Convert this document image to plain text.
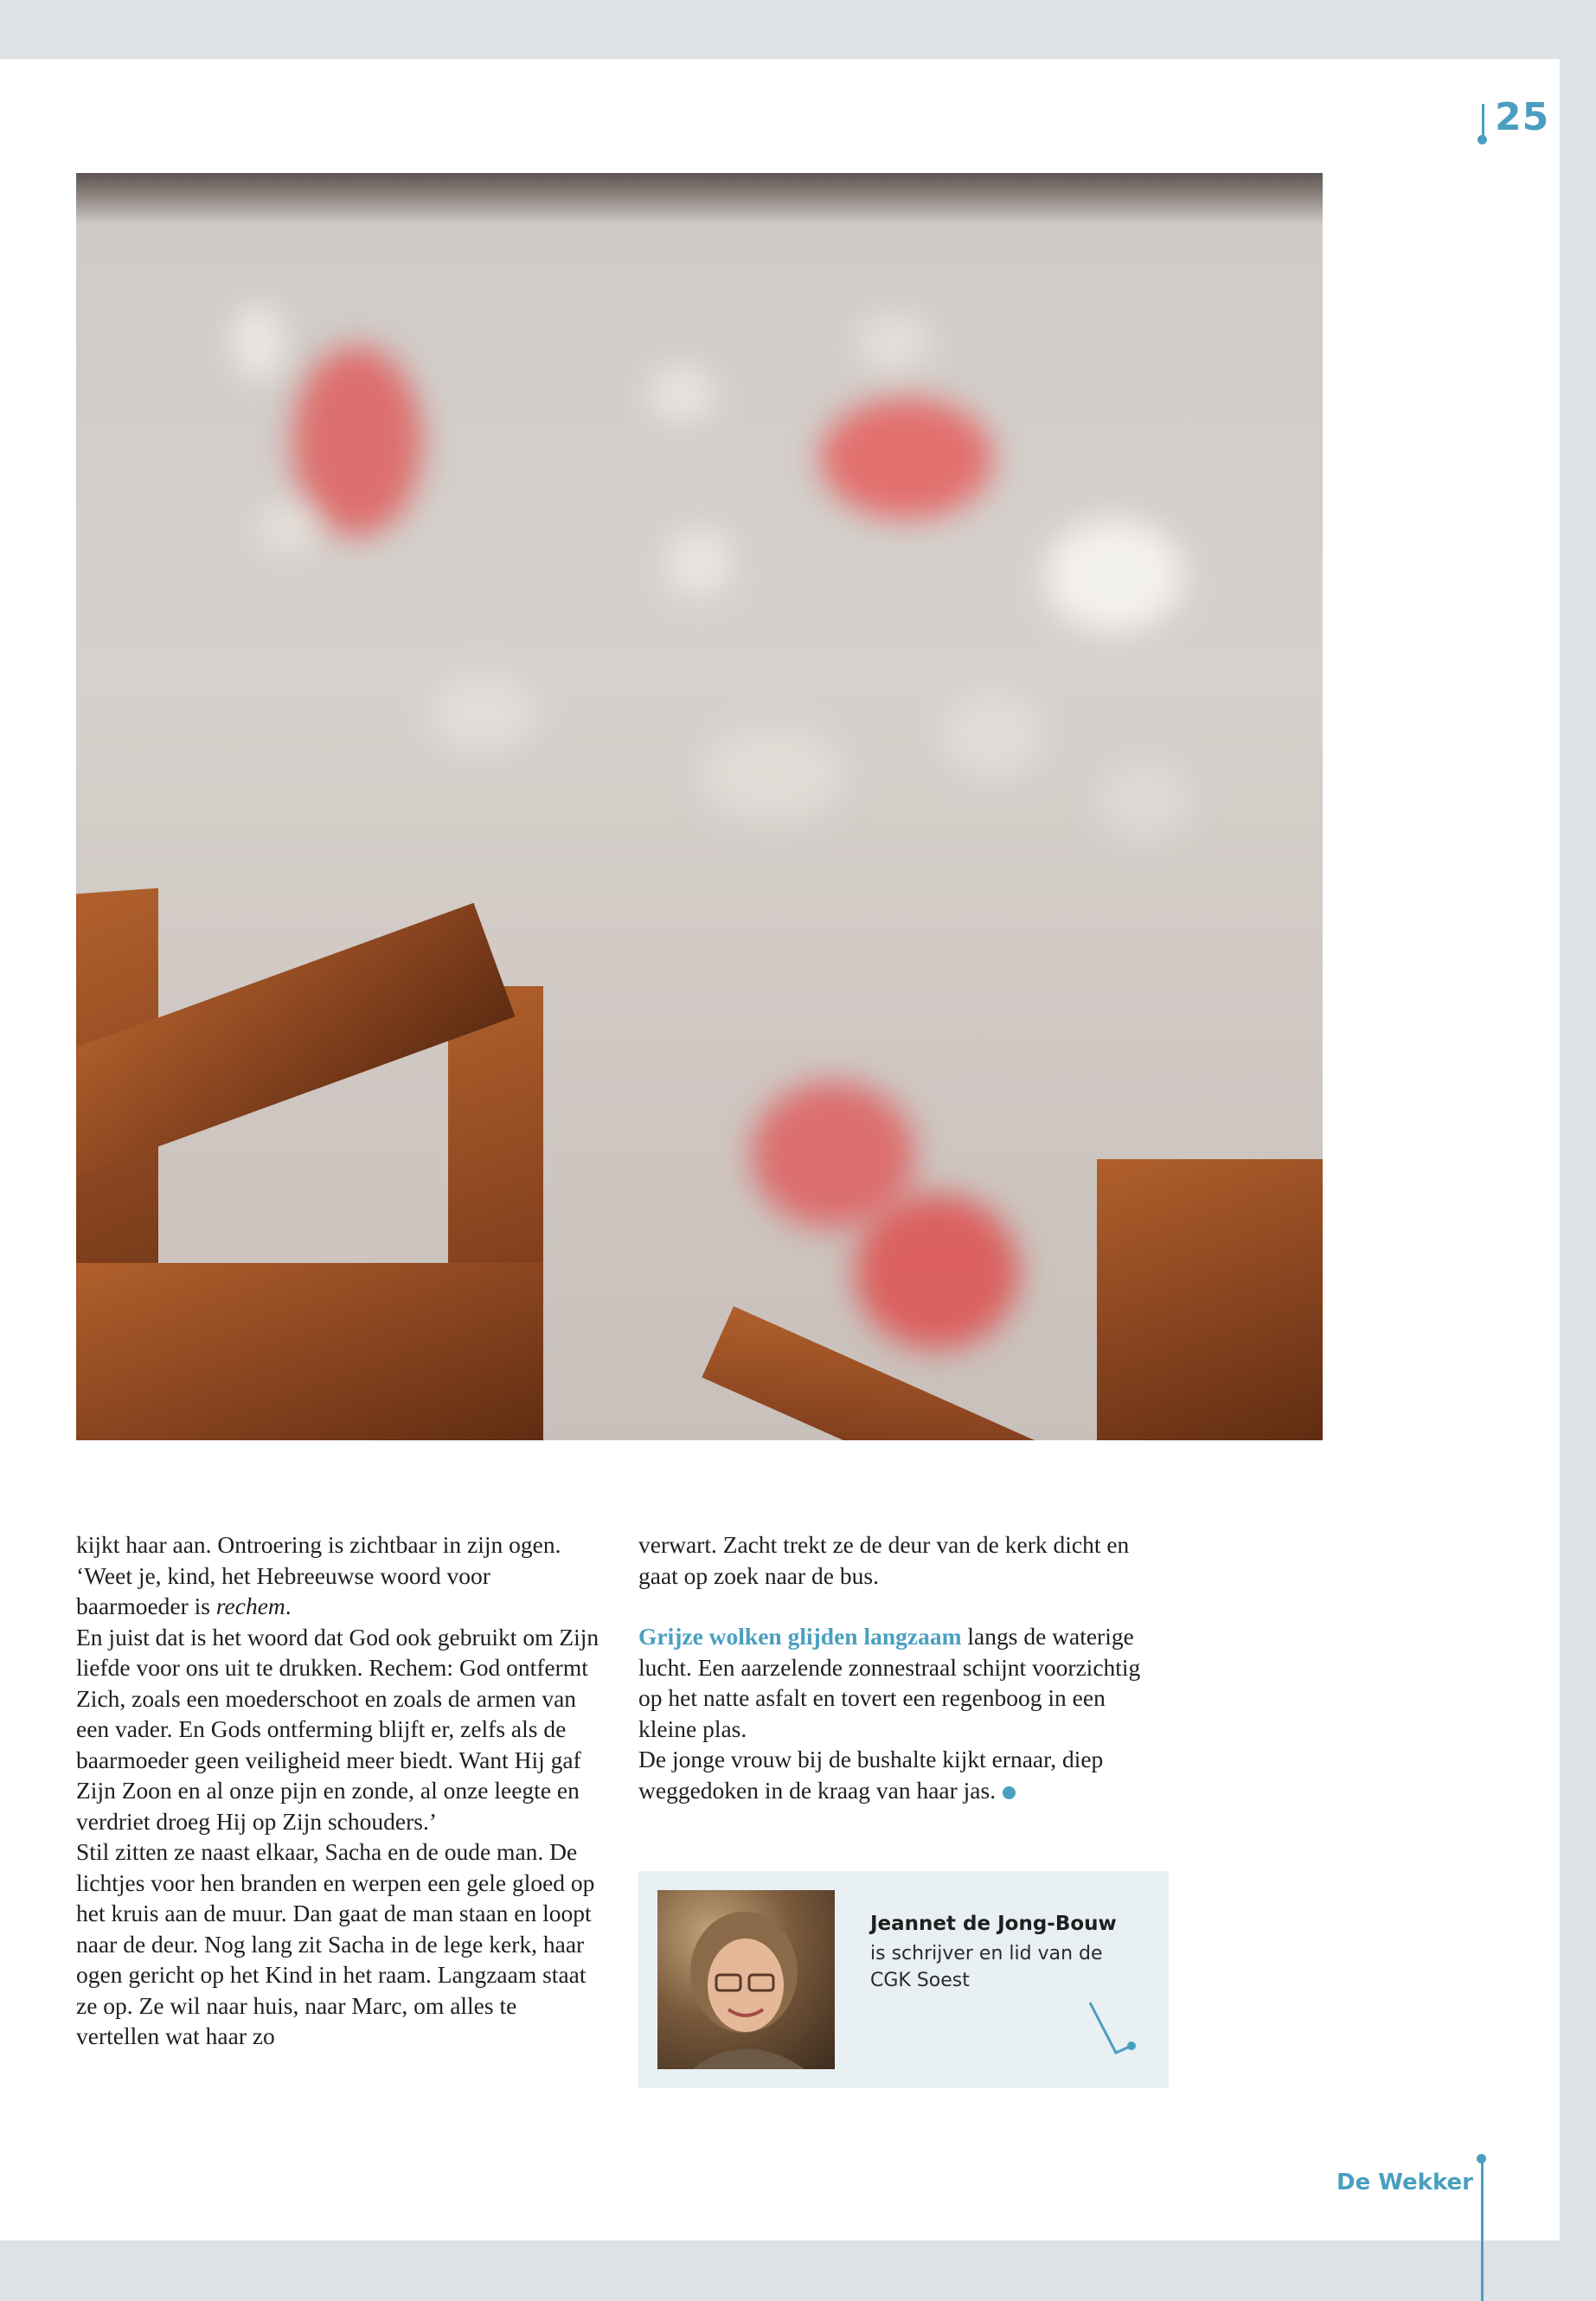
25

kijkt haar aan. Ontroering is zichtbaar in zijn ogen. ‘Weet je, kind, het Hebreeuwse woord voor baarmoeder is rechem.

En juist dat is het woord dat God ook gebruikt om Zijn liefde voor ons uit te drukken. Rechem: God ontfermt Zich, zoals een moederschoot en zoals de armen van een vader. En Gods ontferming blijft er, zelfs als de baarmoeder geen veiligheid meer biedt. Want Hij gaf Zijn Zoon en al onze pijn en zonde, al onze leegte en verdriet droeg Hij op Zijn schouders.’

Stil zitten ze naast elkaar, Sacha en de oude man. De lichtjes voor hen branden en werpen een gele gloed op het kruis aan de muur. Dan gaat de man staan en loopt naar de deur. Nog lang zit Sacha in de lege kerk, haar ogen gericht op het Kind in het raam. Langzaam staat ze op. Ze wil naar huis, naar Marc, om alles te vertellen wat haar zo

verwart. Zacht trekt ze de deur van de kerk dicht en gaat op zoek naar de bus.

Grijze wolken glijden langzaam langs de waterige lucht. Een aarzelende zonnestraal schijnt voorzichtig op het natte asfalt en tovert een regenboog in een kleine plas.

De jonge vrouw bij de bushalte kijkt ernaar, diep weggedoken in de kraag van haar jas.

Jeannet de Jong-Bouw
is schrijver en lid van de
CGK Soest
De Wekker
